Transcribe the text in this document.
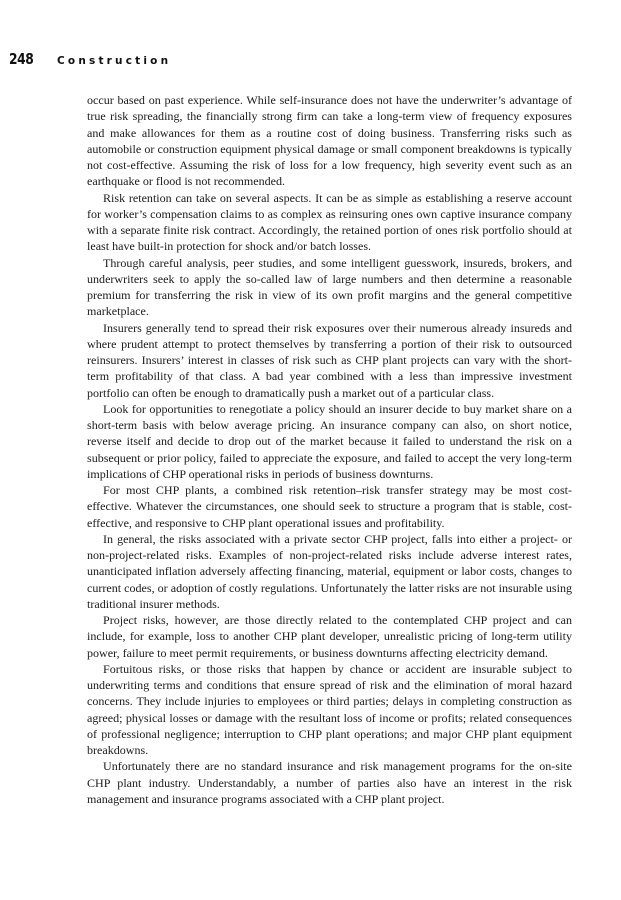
248	Construction

occur based on past experience. While self-insurance does not have the underwriter’s advantage of true risk spreading, the financially strong firm can take a long-term view of frequency exposures and make allowances for them as a routine cost of doing business. Transferring risks such as automobile or construction equipment physical damage or small component breakdowns is typically not cost-effective. Assuming the risk of loss for a low frequency, high severity event such as an earthquake or flood is not recommended.

Risk retention can take on several aspects. It can be as simple as establishing a reserve account for worker’s compensation claims to as complex as reinsuring ones own captive insurance company with a separate finite risk contract. Accordingly, the retained portion of ones risk portfolio should at least have built-in protection for shock and/or batch losses.

Through careful analysis, peer studies, and some intelligent guesswork, insureds, brokers, and underwriters seek to apply the so-called law of large numbers and then determine a reasonable premium for transferring the risk in view of its own profit margins and the general competitive marketplace.

Insurers generally tend to spread their risk exposures over their numerous already insureds and where prudent attempt to protect themselves by transferring a portion of their risk to outsourced reinsurers. Insurers’ interest in classes of risk such as CHP plant projects can vary with the short-term profitability of that class. A bad year combined with a less than impressive investment portfolio can often be enough to dramatically push a market out of a particular class.

Look for opportunities to renegotiate a policy should an insurer decide to buy market share on a short-term basis with below average pricing. An insurance company can also, on short notice, reverse itself and decide to drop out of the market because it failed to understand the risk on a subsequent or prior policy, failed to appreciate the exposure, and failed to accept the very long-term implications of CHP operational risks in periods of business downturns.

For most CHP plants, a combined risk retention–risk transfer strategy may be most cost-effective. Whatever the circumstances, one should seek to structure a program that is stable, cost-effective, and responsive to CHP plant operational issues and profitability.

In general, the risks associated with a private sector CHP project, falls into either a project- or non-project-related risks. Examples of non-project-related risks include adverse interest rates, unanticipated inflation adversely affecting financing, material, equipment or labor costs, changes to current codes, or adoption of costly regulations. Unfortunately the latter risks are not insurable using traditional insurer methods.

Project risks, however, are those directly related to the contemplated CHP project and can include, for example, loss to another CHP plant developer, unrealistic pricing of long-term utility power, failure to meet permit requirements, or business downturns affecting electricity demand.

Fortuitous risks, or those risks that happen by chance or accident are insurable subject to underwriting terms and conditions that ensure spread of risk and the elimination of moral hazard concerns. They include injuries to employees or third parties; delays in completing construction as agreed; physical losses or damage with the resultant loss of income or profits; related consequences of professional negligence; interruption to CHP plant operations; and major CHP plant equipment breakdowns.

Unfortunately there are no standard insurance and risk management programs for the on-site CHP plant industry. Understandably, a number of parties also have an interest in the risk management and insurance programs associated with a CHP plant project.
